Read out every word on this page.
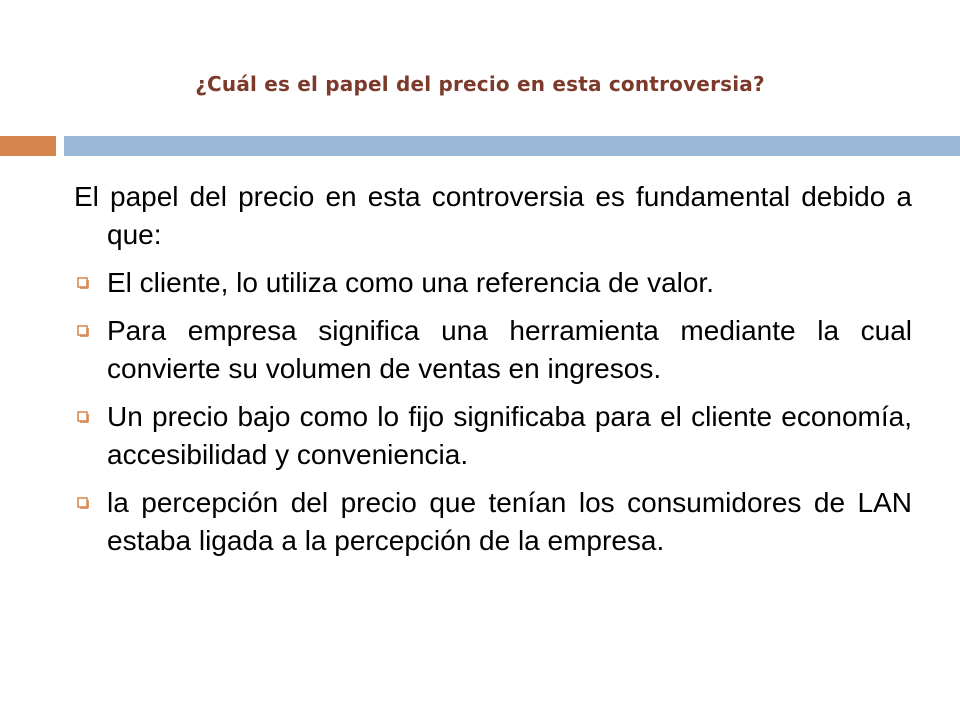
¿Cuál es el papel del precio en esta controversia?

El papel del precio en esta controversia es fundamental debido a que:

El cliente, lo utiliza como una referencia de valor.
Para empresa significa una herramienta mediante la cual convierte su volumen de ventas en ingresos.
Un precio bajo como lo fijo significaba para el cliente economía, accesibilidad y conveniencia.
la percepción del precio que tenían los consumidores de LAN estaba ligada a la percepción de la empresa.
